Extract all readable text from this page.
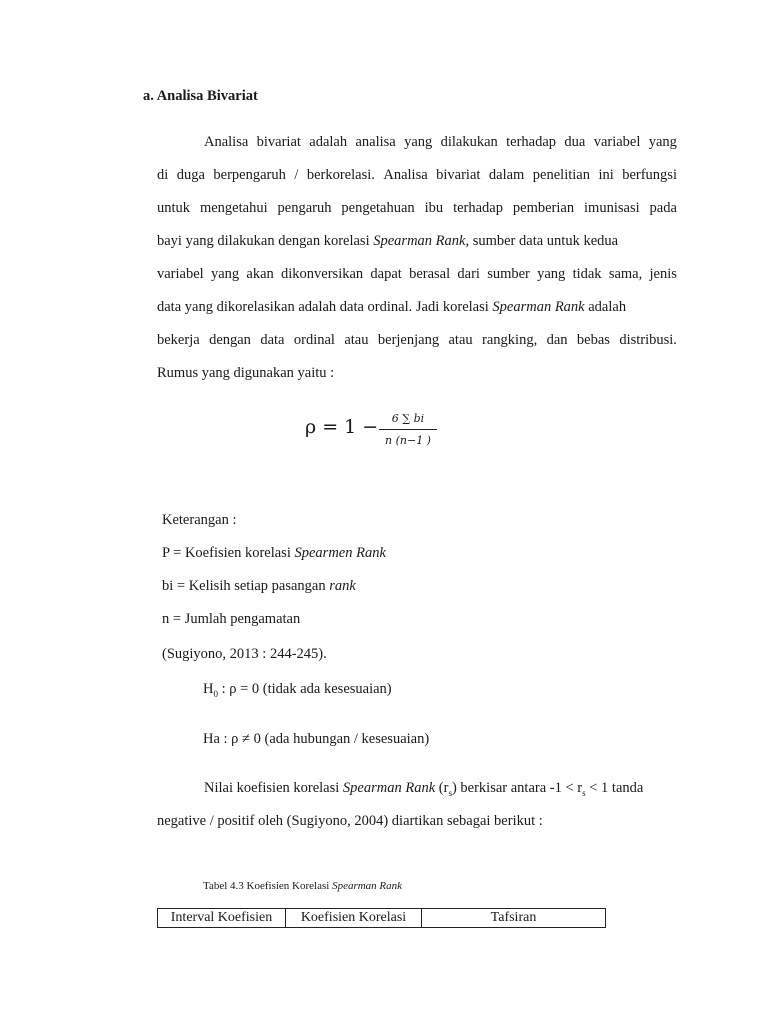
a. Analisa Bivariat
Analisa bivariat adalah analisa yang dilakukan terhadap dua variabel yang
di duga berpengaruh / berkorelasi. Analisa bivariat dalam penelitian ini berfungsi
untuk mengetahui pengaruh pengetahuan ibu terhadap pemberian imunisasi pada
bayi yang dilakukan dengan korelasi Spearman Rank, sumber data untuk kedua
variabel yang akan dikonversikan dapat berasal dari sumber yang tidak sama, jenis
data yang dikorelasikan adalah data ordinal. Jadi korelasi Spearman Rank adalah
bekerja dengan data ordinal atau berjenjang atau rangking, dan bebas distribusi.
Rumus yang digunakan yaitu :
ρ = 1 −	6 ∑ bi
n (n−1 )
Keterangan :
P = Koefisien korelasi Spearmen Rank
bi = Kelisih setiap pasangan rank
n = Jumlah pengamatan
(Sugiyono, 2013 : 244-245).
$H_0$ : ρ = 0 (tidak ada kesesuaian)
Ha : ρ ≠ 0 (ada hubungan / kesesuaian)
Nilai koefisien korelasi Spearman Rank $(r_s)$ berkisar antara $-1 < r_s < 1$ tanda
negative / positif oleh (Sugiyono, 2004) diartikan sebagai berikut :
Tabel 4.3 Koefisien Korelasi Spearman Rank
Interval Koefisien	Koefisien Korelasi	Tafsiran
